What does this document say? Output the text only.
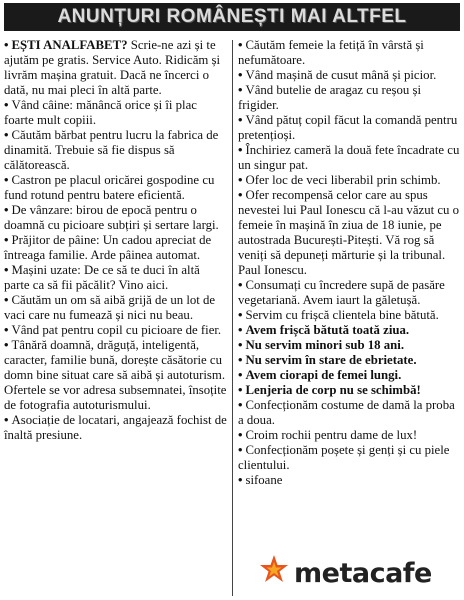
ANUNȚURI ROMÂNEȘTI MAI ALTFEL

• EȘTI ANALFABET? Scrie-ne azi și te ajutăm pe gratis. Service Auto. Ridicăm și livrăm mașina gratuit. Dacă ne încerci o dată, nu mai pleci în altă parte.

• Vând câine: mănâncă orice și îi plac foarte mult copiii.

• Căutăm bărbat pentru lucru la fabrica de dinamită. Trebuie să fie dispus să călătorească.

• Castron pe placul oricărei gospodine cu fund rotund pentru batere eficientă.

• De vânzare: birou de epocă pentru o doamnă cu picioare subțiri și sertare largi.

• Prăjitor de pâine: Un cadou apreciat de întreaga familie. Arde pâinea automat.

• Mașini uzate: De ce să te duci în altă parte ca să fii păcălit? Vino aici.

• Căutăm un om să aibă grijă de un lot de vaci care nu fumează și nici nu beau.

• Vând pat pentru copil cu picioare de fier.

• Tânără doamnă, drăguță, inteligentă, caracter, familie bună, dorește căsătorie cu domn bine situat care să aibă și autoturism. Ofertele se vor adresa subsemnatei, însoțite de fotografia autoturismului.

• Asociație de locatari, angajează fochist de înaltă presiune.

• Căutăm femeie la fetiță în vârstă și nefumătoare.

• Vând mașină de cusut mână și picior.

• Vând butelie de aragaz cu reșou și frigider.

• Vând pătuț copil făcut la comandă pentru pretențioși.

• Închiriez cameră la două fete încadrate cu un singur pat.

• Ofer loc de veci liberabil prin schimb.

• Ofer recompensă celor care au spus nevestei lui Paul Ionescu că l-au văzut cu o femeie în mașină în ziua de 18 iunie, pe autostrada București-Pitești. Vă rog să veniți să depuneți mărturie și la tribunal. Paul Ionescu.

• Consumați cu încredere supă de pasăre vegetariană. Avem iaurt la găletușă.

• Servim cu frișcă clientela bine bătută.

• Avem frișcă bătută toată ziua.

• Nu servim minori sub 18 ani.

• Nu servim în stare de ebrietate.

• Avem ciorapi de femei lungi.

• Lenjeria de corp nu se schimbă!

• Confecționăm costume de damă la proba a doua.

• Croim rochii pentru dame de lux!

• Confecționăm poșete și genți și cu piele clientului.

• sifoane

metacafe
